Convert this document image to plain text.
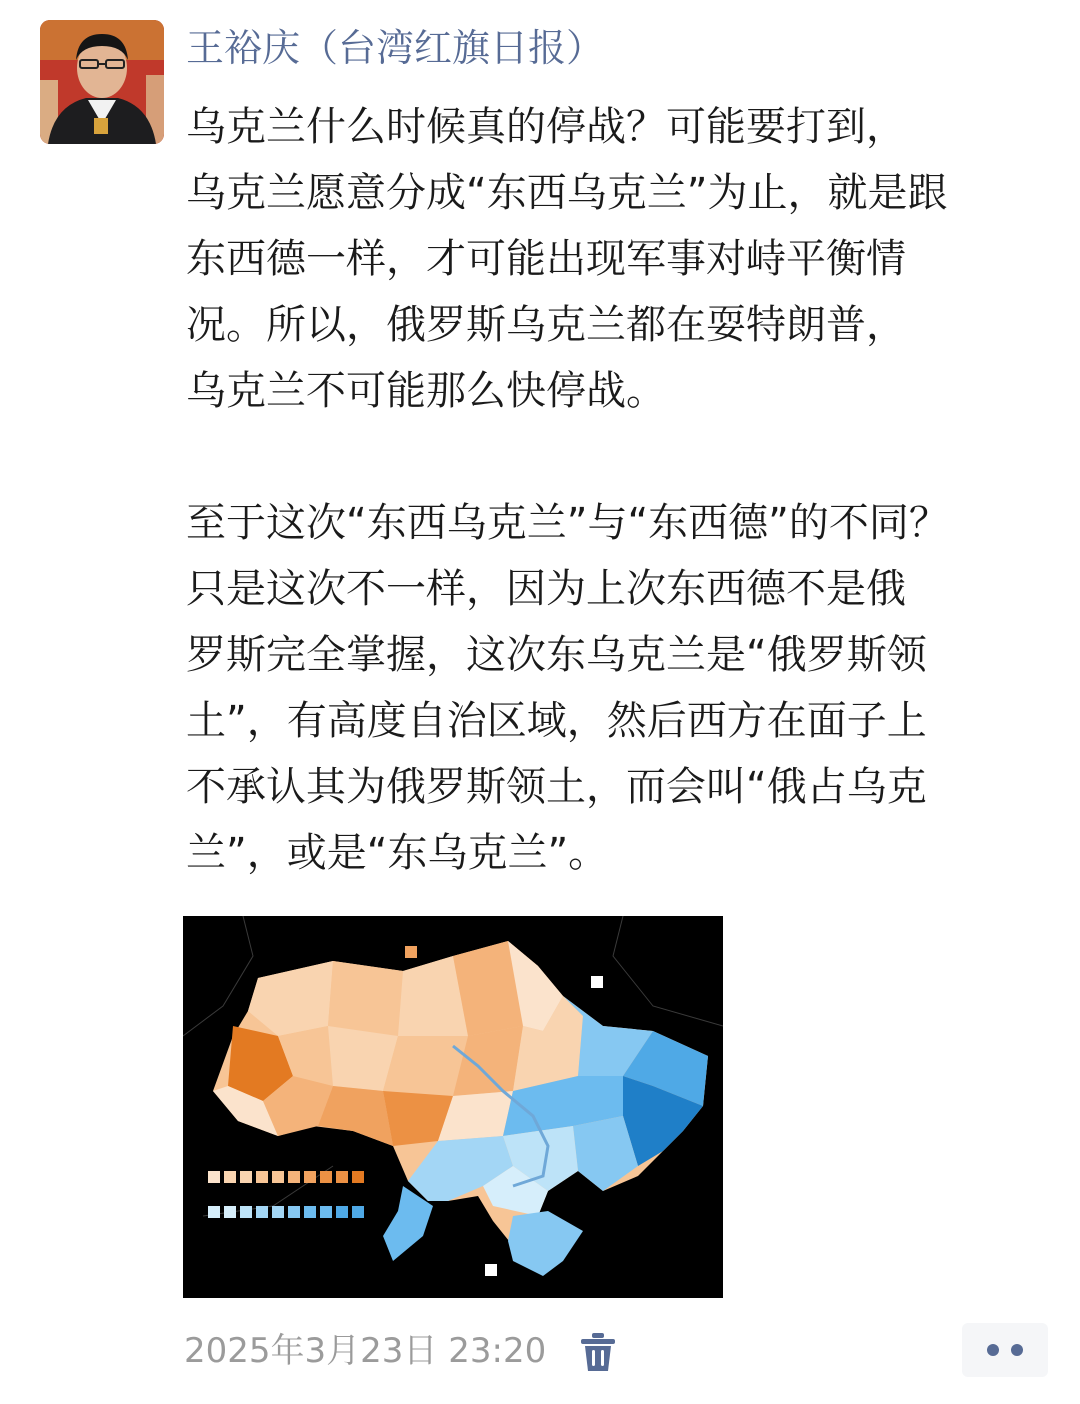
王裕庆（台湾红旗日报）

乌克兰什么时候真的停战？可能要打到，
乌克兰愿意分成“东西乌克兰”为止，就是跟
东西德一样，才可能出现军事对峙平衡情
况。所以，俄罗斯乌克兰都在耍特朗普，
乌克兰不可能那么快停战。

至于这次“东西乌克兰”与“东西德”的不同？
只是这次不一样，因为上次东西德不是俄
罗斯完全掌握，这次东乌克兰是“俄罗斯领
土”，有高度自治区域，然后西方在面子上
不承认其为俄罗斯领土，而会叫“俄占乌克
兰”，或是“东乌克兰”。

2025年3月23日 23:20
